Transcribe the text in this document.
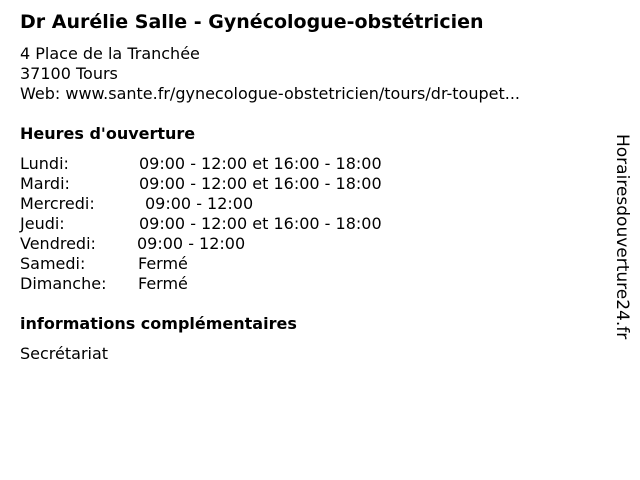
Dr Aurélie Salle - Gynécologue-obstétricien
4 Place de la Tranchée
37100 Tours
Web: www.sante.fr/gynecologue-obstetricien/tours/dr-toupet...
Heures d'ouverture
Lundi:	09:00 - 12:00 et 16:00 - 18:00
Mardi:	09:00 - 12:00 et 16:00 - 18:00
Mercredi:	09:00 - 12:00
Jeudi:	09:00 - 12:00 et 16:00 - 18:00
Vendredi:	09:00 - 12:00
Samedi:	Fermé
Dimanche: Fermé
informations complémentaires
Secrétariat
Horairesdouverture24.fr
